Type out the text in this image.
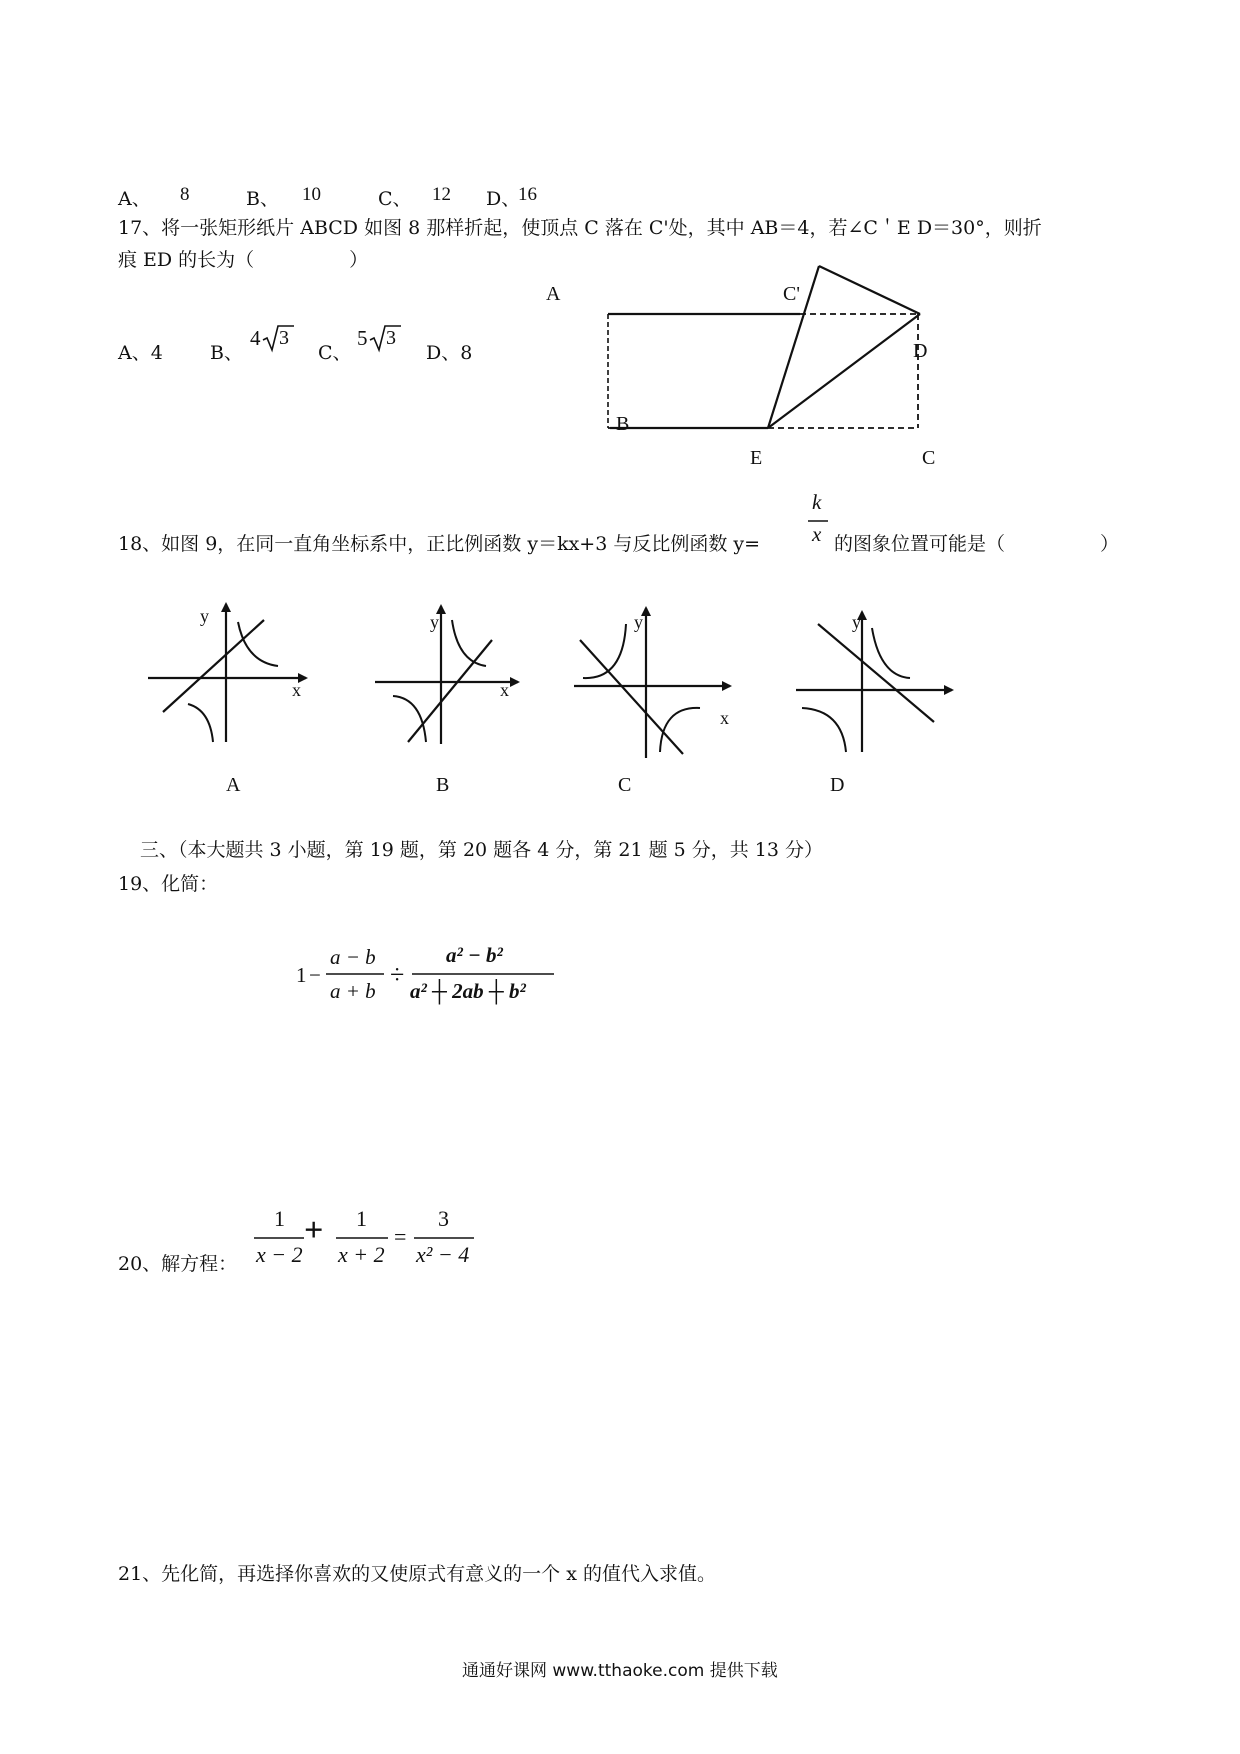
A、 8	B、 10	C、 12 D、
16
17、将一张矩形纸片 ABCD 如图 8 那样折起，使顶点 C 落在 C'处，其中 AB＝4，若∠C＇E D＝30°，则折
痕 ED 的长为（　　　　　）
A、4 B、
4 3
C、
5 3
D、8
A
B
C'
D
E	C
18、如图 9，在同一直角坐标系中，正比例函数 y＝kx+3 与反比例函数 y=
k
x 的图象位置可能是（　　　　　）
y
x
y
x
y
x
y
A	B	C	D
三、（本大题共 3 小题，第 19 题，第 20 题各 4 分，第 21 题 5 分，共 13 分）
19、化简：
1 −
a − b
a + b
÷
a² − b²
a² ┼ 2ab ┼ b²
20、解方程：
1
x − 2
+ 1
x + 2
=
3
x² − 4
21、先化简，再选择你喜欢的又使原式有意义的一个 x 的值代入求值。
通通好课网 www.tthaoke.com 提供下载
